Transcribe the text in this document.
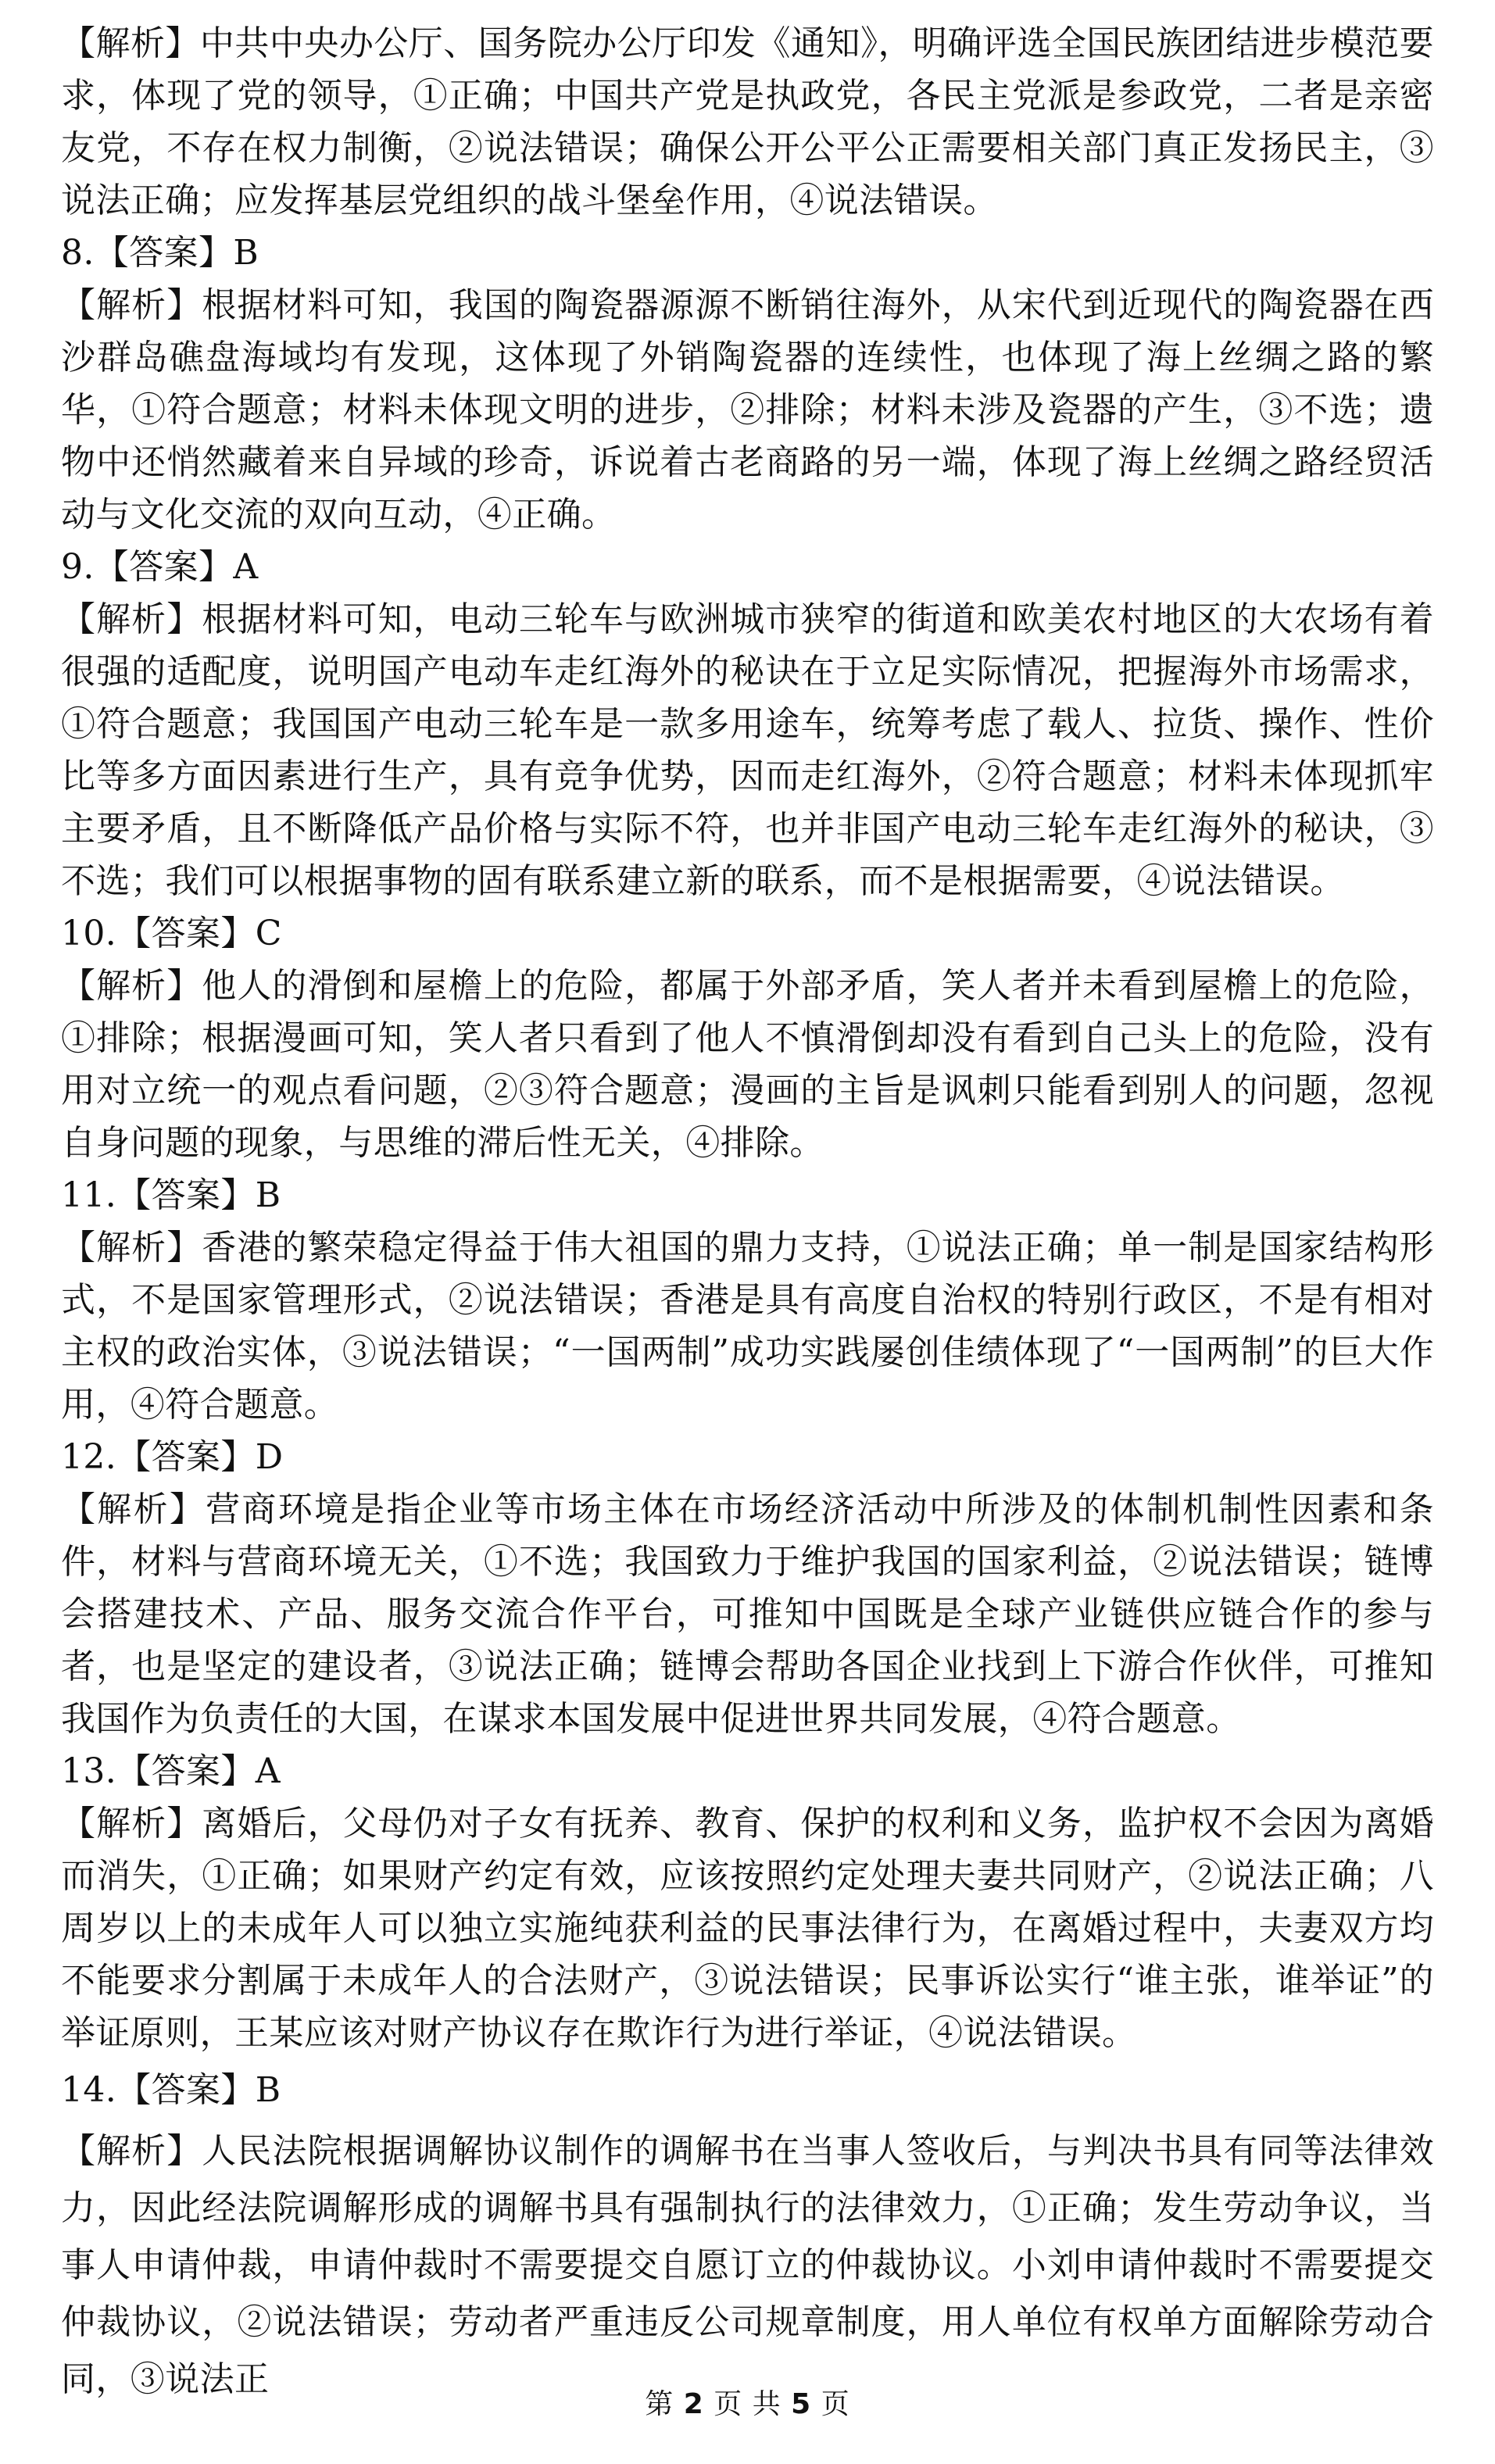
【解析】中共中央办公厅、国务院办公厅印发《通知》，明确评选全国民族团结进步模范要求，体现了党的领导，①正确；中国共产党是执政党，各民主党派是参政党，二者是亲密友党，不存在权力制衡，②说法错误；确保公开公平公正需要相关部门真正发扬民主，③说法正确；应发挥基层党组织的战斗堡垒作用，④说法错误。

8.【答案】B

【解析】根据材料可知，我国的陶瓷器源源不断销往海外，从宋代到近现代的陶瓷器在西沙群岛礁盘海域均有发现，这体现了外销陶瓷器的连续性，也体现了海上丝绸之路的繁华，①符合题意；材料未体现文明的进步，②排除；材料未涉及瓷器的产生，③不选；遗物中还悄然藏着来自异域的珍奇，诉说着古老商路的另一端，体现了海上丝绸之路经贸活动与文化交流的双向互动，④正确。

9.【答案】A

【解析】根据材料可知，电动三轮车与欧洲城市狭窄的街道和欧美农村地区的大农场有着很强的适配度，说明国产电动车走红海外的秘诀在于立足实际情况，把握海外市场需求，①符合题意；我国国产电动三轮车是一款多用途车，统筹考虑了载人、拉货、操作、性价比等多方面因素进行生产，具有竞争优势，因而走红海外，②符合题意；材料未体现抓牢主要矛盾，且不断降低产品价格与实际不符，也并非国产电动三轮车走红海外的秘诀，③不选；我们可以根据事物的固有联系建立新的联系，而不是根据需要，④说法错误。

10.【答案】C

【解析】他人的滑倒和屋檐上的危险，都属于外部矛盾，笑人者并未看到屋檐上的危险，①排除；根据漫画可知，笑人者只看到了他人不慎滑倒却没有看到自己头上的危险，没有用对立统一的观点看问题，②③符合题意；漫画的主旨是讽刺只能看到别人的问题，忽视自身问题的现象，与思维的滞后性无关，④排除。

11.【答案】B

【解析】香港的繁荣稳定得益于伟大祖国的鼎力支持，①说法正确；单一制是国家结构形式，不是国家管理形式，②说法错误；香港是具有高度自治权的特别行政区，不是有相对主权的政治实体，③说法错误；“一国两制”成功实践屡创佳绩体现了“一国两制”的巨大作用，④符合题意。

12.【答案】D

【解析】营商环境是指企业等市场主体在市场经济活动中所涉及的体制机制性因素和条件，材料与营商环境无关，①不选；我国致力于维护我国的国家利益，②说法错误；链博会搭建技术、产品、服务交流合作平台，可推知中国既是全球产业链供应链合作的参与者，也是坚定的建设者，③说法正确；链博会帮助各国企业找到上下游合作伙伴，可推知我国作为负责任的大国，在谋求本国发展中促进世界共同发展，④符合题意。

13.【答案】A

【解析】离婚后，父母仍对子女有抚养、教育、保护的权利和义务，监护权不会因为离婚而消失，①正确；如果财产约定有效，应该按照约定处理夫妻共同财产，②说法正确；八周岁以上的未成年人可以独立实施纯获利益的民事法律行为，在离婚过程中，夫妻双方均不能要求分割属于未成年人的合法财产，③说法错误；民事诉讼实行“谁主张，谁举证”的举证原则，王某应该对财产协议存在欺诈行为进行举证，④说法错误。

14.【答案】B

【解析】人民法院根据调解协议制作的调解书在当事人签收后，与判决书具有同等法律效力，因此经法院调解形成的调解书具有强制执行的法律效力，①正确；发生劳动争议，当事人申请仲裁，申请仲裁时不需要提交自愿订立的仲裁协议。小刘申请仲裁时不需要提交仲裁协议，②说法错误；劳动者严重违反公司规章制度，用人单位有权单方面解除劳动合同，③说法正

第 2 页 共 5 页
